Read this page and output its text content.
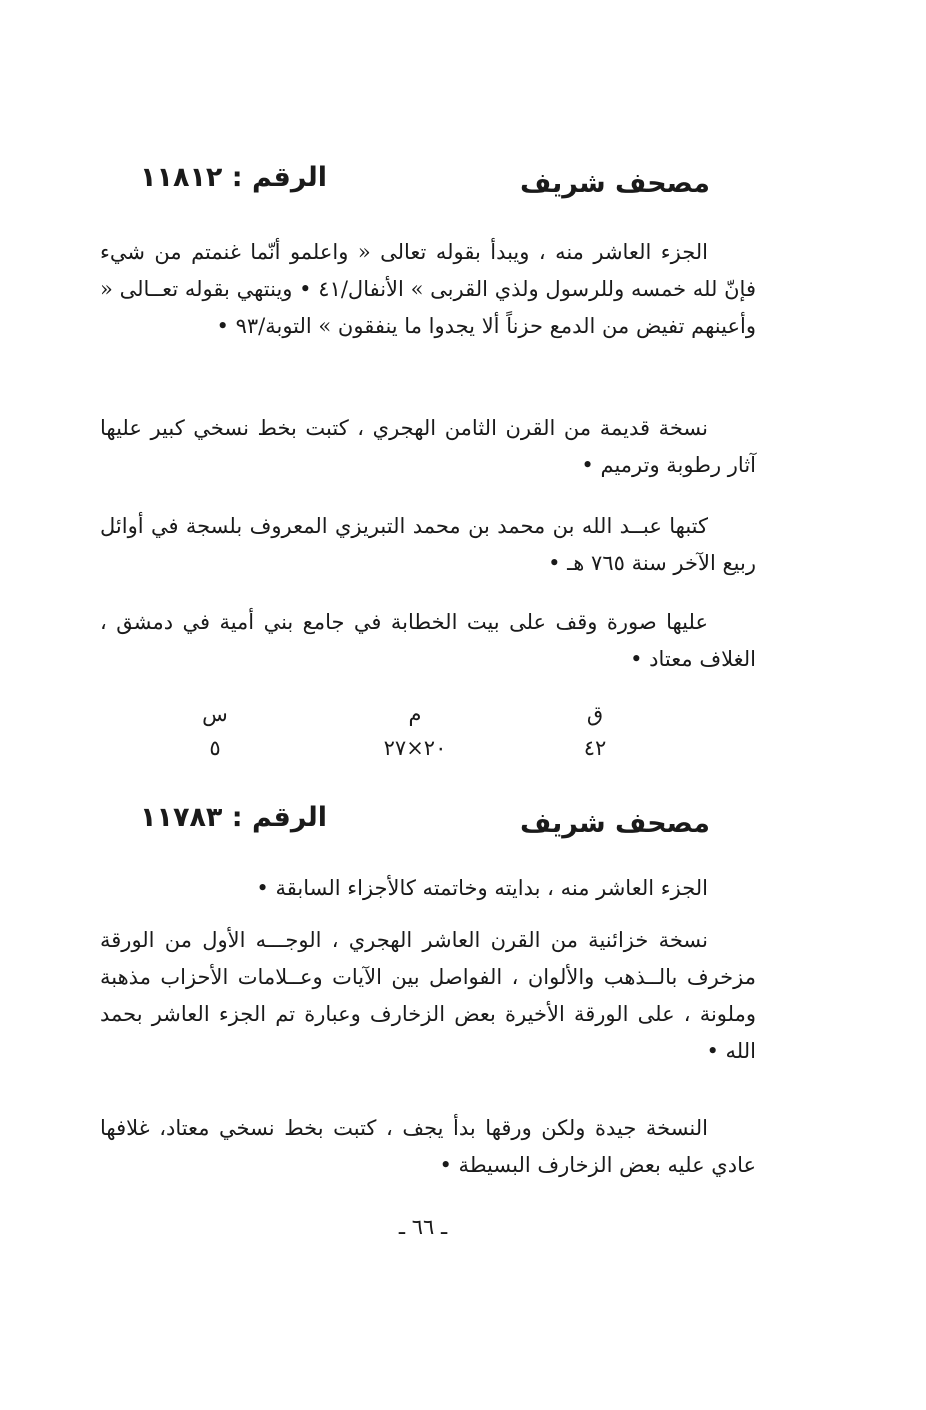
مصحف شريف
الرقم : ١١٨١٢

الجزء العاشر منه ، ويبدأ بقوله تعالى « واعلمو أنّما غنمتم من شيء فإنّ لله خمسه وللرسول ولذي القربى » الأنفال/٤١ • وينتهي بقوله تعــالى « وأعينهم تفيض من الدمع حزناً ألا يجدوا ما ينفقون » التوبة/٩٣ •

نسخة قديمة من القرن الثامن الهجري ، كتبت بخط نسخي كبير عليها آثار رطوبة وترميم •

كتبها عبــد الله بن محمد بن محمد التبريزي المعروف بلسجة في أوائل ربيع الآخر سنة ٧٦٥ هـ •

عليها صورة وقف على بيت الخطابة في جامع بني أمية في دمشق ، الغلاف معتاد •

ق
٤٢
م
٢٠×٢٧
س
٥
مصحف شريف
الرقم : ١١٧٨٣

الجزء العاشر منه ، بدايته وخاتمته كالأجزاء السابقة •

نسخة خزائنية من القرن العاشر الهجري ، الوجـــه الأول من الورقة مزخرف بالــذهب والألوان ، الفواصل بين الآيات وعــلامات الأحزاب مذهبة وملونة ، على الورقة الأخيرة بعض الزخارف وعبارة تم الجزء العاشر بحمد الله •

النسخة جيدة ولكن ورقها بدأ يجف ، كتبت بخط نسخي معتاد، غلافها عادي عليه بعض الزخارف البسيطة •

ـ ٦٦ ـ
